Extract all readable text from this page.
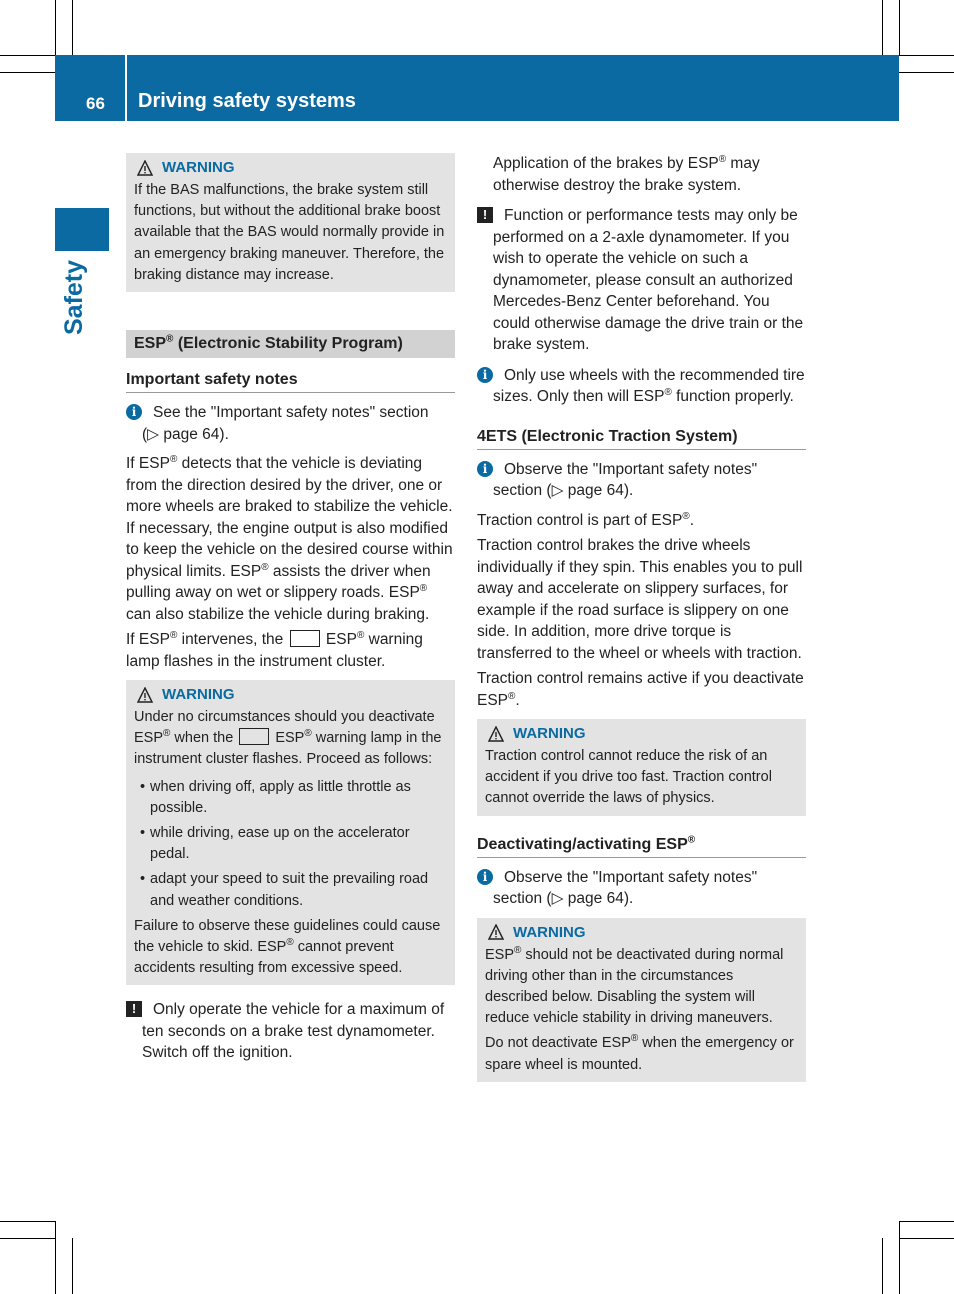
66 Driving safety systems
Safety
WARNING

If the BAS malfunctions, the brake system still functions, but without the additional brake boost available that the BAS would normally provide in an emergency braking maneuver. Therefore, the braking distance may increase.

ESP® (Electronic Stability Program)
Important safety notes
i	See the "Important safety notes" section

(▷ page 64).

If ESP® detects that the vehicle is deviating from the direction desired by the driver, one or more wheels are braked to stabilize the vehicle. If necessary, the engine output is also modified to keep the vehicle on the desired course within physical limits. ESP® assists the driver when pulling away on wet or slippery roads. ESP® can also stabilize the vehicle during braking.

If ESP® intervenes, the  ESP® warning lamp flashes in the instrument cluster.

WARNING

Under no circumstances should you deactivate ESP® when the	ESP® warning lamp in the instrument cluster flashes. Proceed as follows:

• when driving off, apply as little throttle as possible.
• while driving, ease up on the accelerator pedal.
• adapt your speed to suit the prevailing road and weather conditions.

Failure to observe these guidelines could cause the vehicle to skid. ESP® cannot prevent accidents resulting from excessive speed.

!	Only operate the vehicle for a maximum of ten seconds on a brake test dynamometer. Switch off the ignition.

Application of the brakes by ESP® may otherwise destroy the brake system.

!	Function or performance tests may only be performed on a 2-axle dynamometer. If you wish to operate the vehicle on such a dynamometer, please consult an authorized Mercedes-Benz Center beforehand. You could otherwise damage the drive train or the brake system.

i	Only use wheels with the recommended tire sizes. Only then will ESP® function properly.

4ETS (Electronic Traction System)
i	Observe the "Important safety notes" section (▷ page 64).

Traction control is part of ESP®.

Traction control brakes the drive wheels individually if they spin. This enables you to pull away and accelerate on slippery surfaces, for example if the road surface is slippery on one side. In addition, more drive torque is transferred to the wheel or wheels with traction.

Traction control remains active if you deactivate ESP®.

WARNING

Traction control cannot reduce the risk of an accident if you drive too fast. Traction control cannot override the laws of physics.

Deactivating/activating ESP®
i	Observe the "Important safety notes" section (▷ page 64).

WARNING

ESP® should not be deactivated during normal driving other than in the circumstances described below. Disabling the system will reduce vehicle stability in driving maneuvers.

Do not deactivate ESP® when the emergency or spare wheel is mounted.
